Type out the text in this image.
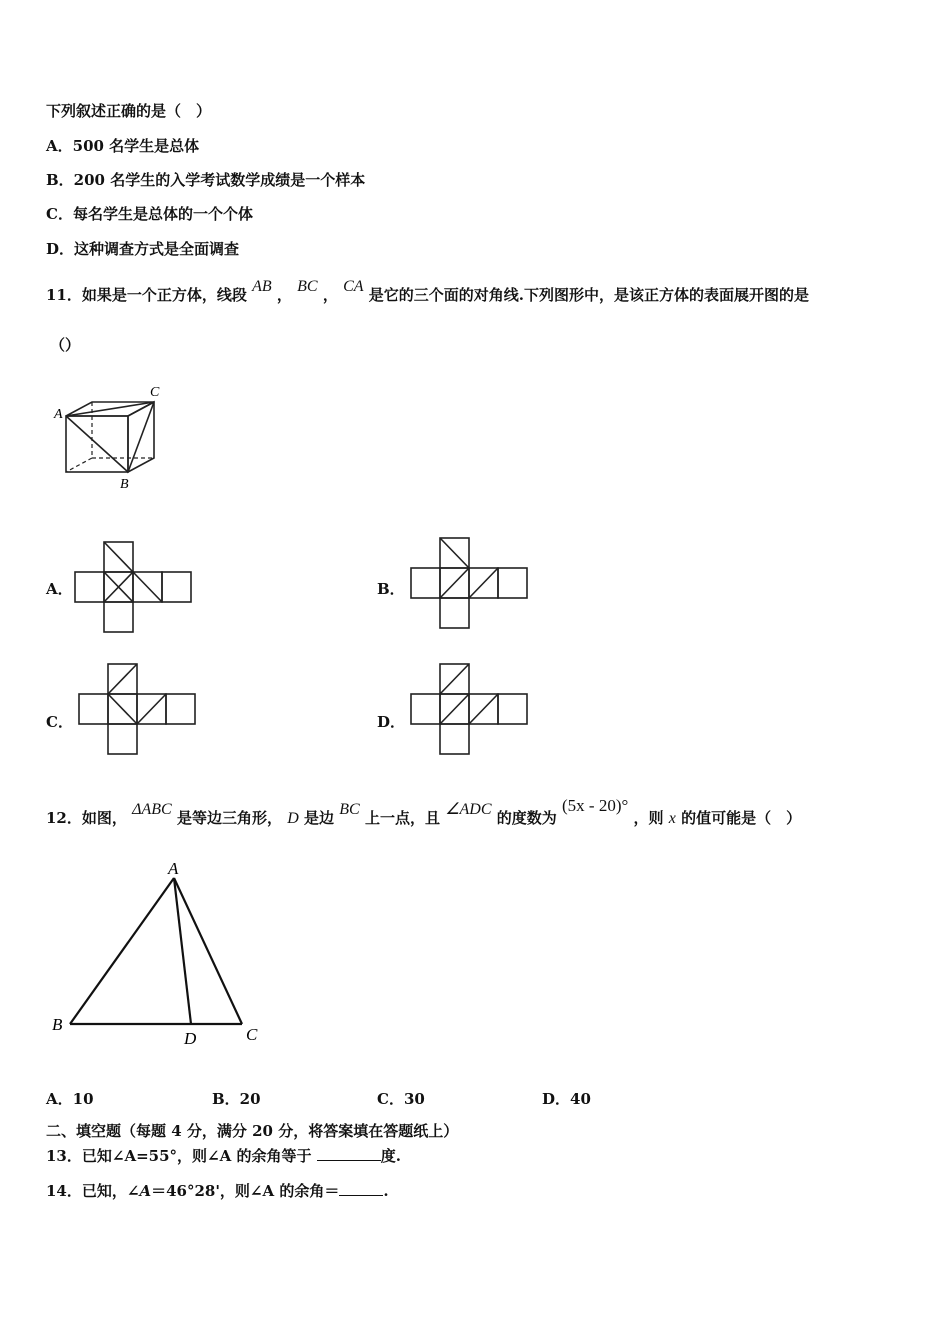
下列叙述正确的是（　）
A．500 名学生是总体
B．200 名学生的入学考试数学成绩是一个样本
C．每名学生是总体的一个个体
D．这种调查方式是全面调查
11．如果是一个正方体，线段 AB ， BC ， CA 是它的三个面的对角线.下列图形中，是该正方体的表面展开图的是
（）
A
C
B
A．	B．
C．	D．
12．如图， ΔABC 是等边三角形， D 是边 BC 上一点，且 ∠ADC 的度数为 (5x - 20)° ，则 x 的值可能是（　）
A
B
C
D
A．10	B．20	C．30	D．40
二、填空题（每题 4 分，满分 20 分，将答案填在答题纸上）
13．已知∠A=55°，则∠A 的余角等于	度.
14．已知，∠A＝46°28'，则∠A 的余角＝	.
